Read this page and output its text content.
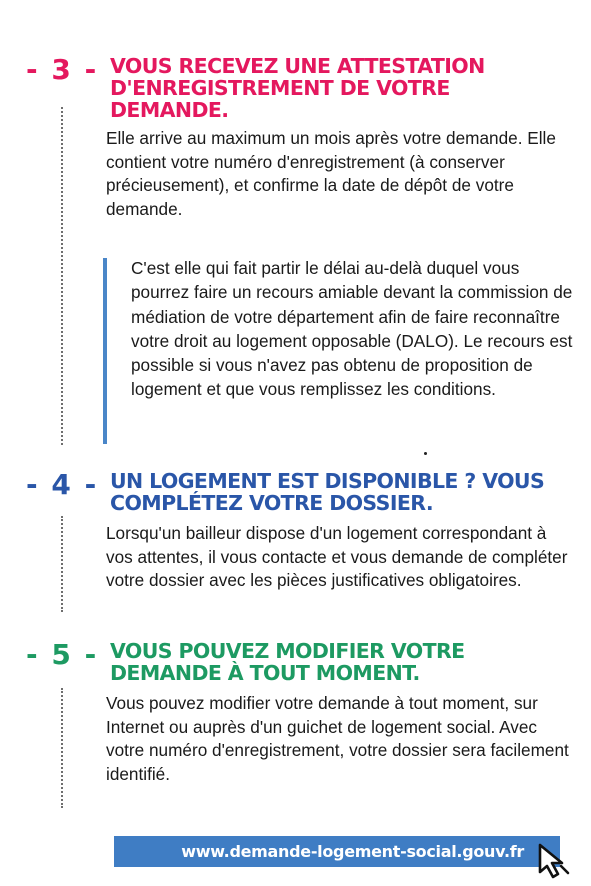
- 3 - VOUS RECEVEZ UNE ATTESTATION D'ENREGISTREMENT DE VOTRE DEMANDE.

Elle arrive au maximum un mois après votre demande. Elle contient votre numéro d'enregistrement (à conserver précieusement), et confirme la date de dépôt de votre demande.

C'est elle qui fait partir le délai au-delà duquel vous pourrez faire un recours amiable devant la commission de médiation de votre département afin de faire reconnaître votre droit au logement opposable (DALO). Le recours est possible si vous n'avez pas obtenu de proposition de logement et que vous remplissez les conditions.

- 4 - UN LOGEMENT EST DISPONIBLE ? VOUS COMPLÉTEZ VOTRE DOSSIER.

Lorsqu'un bailleur dispose d'un logement correspondant à vos attentes, il vous contacte et vous demande de compléter votre dossier avec les pièces justificatives obligatoires.

- 5 - VOUS POUVEZ MODIFIER VOTRE DEMANDE À TOUT MOMENT.

Vous pouvez modifier votre demande à tout moment, sur Internet ou auprès d'un guichet de logement social. Avec votre numéro d'enregistrement, votre dossier sera facilement identifié.

www.demande-logement-social.gouv.fr
